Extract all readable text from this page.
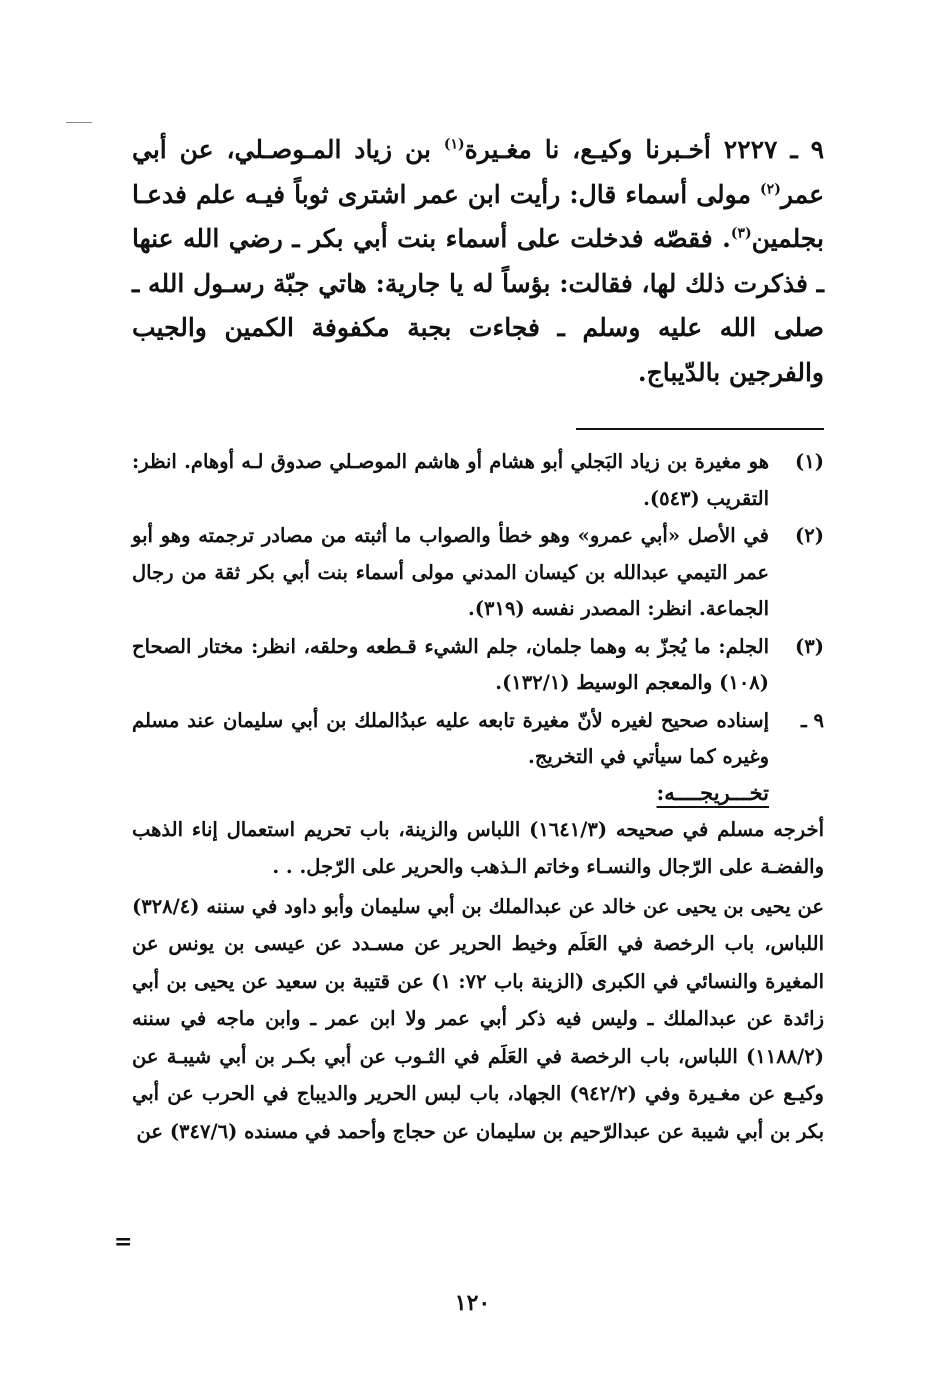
٩ ـ ٢٢٢٧ أخـبرنا وكيـع، نا مغـيرة$^{(١)}$ بن زياد المـوصـلي، عن أبي عمر$^{(٢)}$ مولى أسماء قال: رأيت ابن عمر اشترى ثوباً فيـه علم فدعـا بجلمين$^{(٣)}$. فقصّه فدخلت على أسماء بنت أبي بكر ـ رضي الله عنها ـ فذكرت ذلك لها، فقالت: بؤساً له يا جارية: هاتي جبّة رسـول الله ـ صلى الله عليه وسلم ـ فجاءت بجبة مكفوفة الكمين والجيب والفرجين بالدّيباج.

(١)

هو مغيرة بن زياد البَجلي أبو هشام أو هاشم الموصـلي صدوق لـه أوهام. انظر: التقريب (٥٤٣).

(٢)

في الأصل «أبي عمرو» وهو خطأ والصواب ما أثبته من مصادر ترجمته وهو أبو عمر التيمي عبدالله بن كيسان المدني مولى أسماء بنت أبي بكر ثقة من رجال الجماعة. انظر: المصدر نفسه (٣١٩).

(٣)

الجلم: ما يُجزّ به وهما جلمان، جلم الشيء قـطعه وحلقه، انظر: مختار الصحاح (١٠٨) والمعجم الوسيط (١٣٢/١).

٩ ـ

إسناده صحيح لغيره لأنّ مغيرة تابعه عليه عبدُالملك بن أبي سليمان عند مسلم وغيره كما سيأتي في التخريج.

تخـــريجــــه:

أخرجه مسلم في صحيحه (١٦٤١/٣) اللباس والزينة، باب تحريم استعمال إناء الذهب والفضـة على الرّجال والنسـاء وخاتم الـذهب والحرير على الرّجل. . .

عن يحيى بن يحيى عن خالد عن عبدالملك بن أبي سليمان وأبو داود في سننه (٣٢٨/٤) اللباس، باب الرخصة في العَلَم وخيط الحرير عن مسـدد عن عيسى بن يونس عن المغيرة والنسائي في الكبرى (الزينة باب ٧٢: ١) عن قتيبة بن سعيد عن يحيى بن أبي زائدة عن عبدالملك ـ وليس فيه ذكر أبي عمر ولا ابن عمر ـ وابن ماجه في سننه (١١٨٨/٢) اللباس، باب الرخصة في العَلَم في الثـوب عن أبي بكـر بن أبي شيبـة عن وكيـع عن مغـيرة وفي (٩٤٢/٢) الجهاد، باب لبس الحرير والديباج في الحرب عن أبي بكر بن أبي شيبة عن عبدالرّحيم بن سليمان عن حجاج وأحمد في مسنده (٣٤٧/٦) عن

=
١٢٠
